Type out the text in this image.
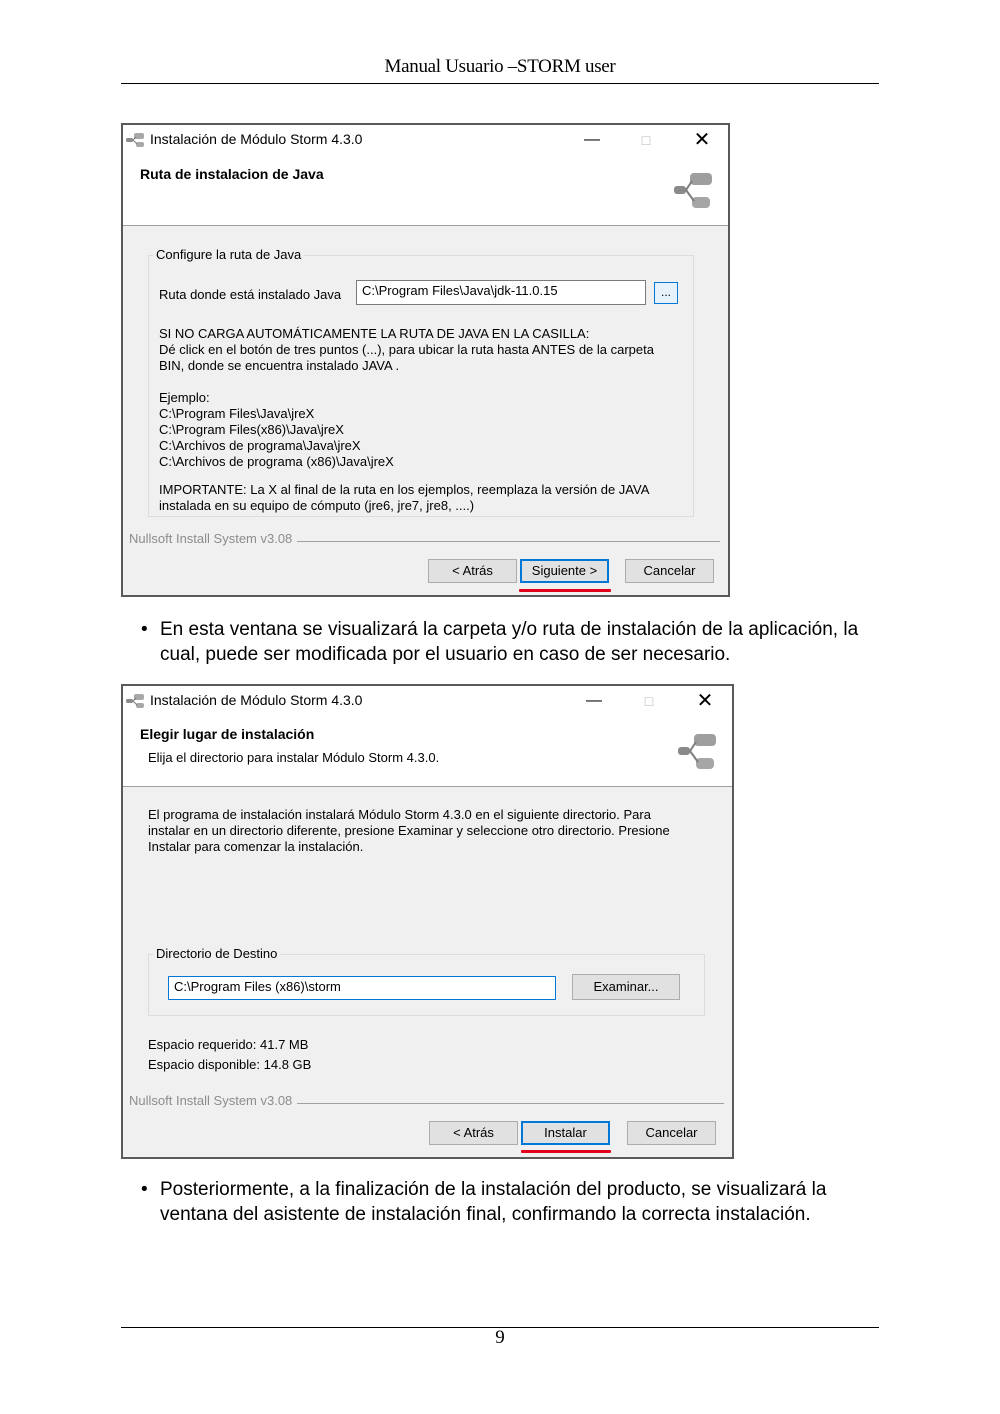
Manual Usuario –STORM user
Instalación de Módulo Storm 4.3.0	—	□	✕
Ruta de instalacion de Java
Configure la ruta de Java
Ruta donde está instalado Java	C:\Program Files\Java\jdk-11.0.15	...
SI NO CARGA AUTOMÁTICAMENTE LA RUTA DE JAVA EN LA CASILLA:
Dé click en el botón de tres puntos (...), para ubicar la ruta hasta ANTES de la carpeta
BIN, donde se encuentra instalado JAVA .
Ejemplo:
C:\Program Files\Java\jreX
C:\Program Files(x86)\Java\jreX
C:\Archivos de programa\Java\jreX
C:\Archivos de programa (x86)\Java\jreX
IMPORTANTE: La X al final de la ruta en los ejemplos, reemplaza la versión de JAVA
instalada en su equipo de cómputo (jre6, jre7, jre8, ....)
Nullsoft Install System v3.08
< Atrás	Siguiente >	Cancelar
• En esta ventana se visualizará la carpeta y/o ruta de instalación de la aplicación, la cual, puede ser modificada por el usuario en caso de ser necesario.
Instalación de Módulo Storm 4.3.0	—	□	✕
Elegir lugar de instalación
Elija el directorio para instalar Módulo Storm 4.3.0.
El programa de instalación instalará Módulo Storm 4.3.0 en el siguiente directorio. Para
instalar en un directorio diferente, presione Examinar y seleccione otro directorio. Presione
Instalar para comenzar la instalación.
Directorio de Destino
C:\Program Files (x86)\storm	Examinar...
Espacio requerido: 41.7 MB
Espacio disponible: 14.8 GB
Nullsoft Install System v3.08
< Atrás	Instalar	Cancelar
• Posteriormente, a la finalización de la instalación del producto, se visualizará la ventana del asistente de instalación final, confirmando la correcta instalación.
9
